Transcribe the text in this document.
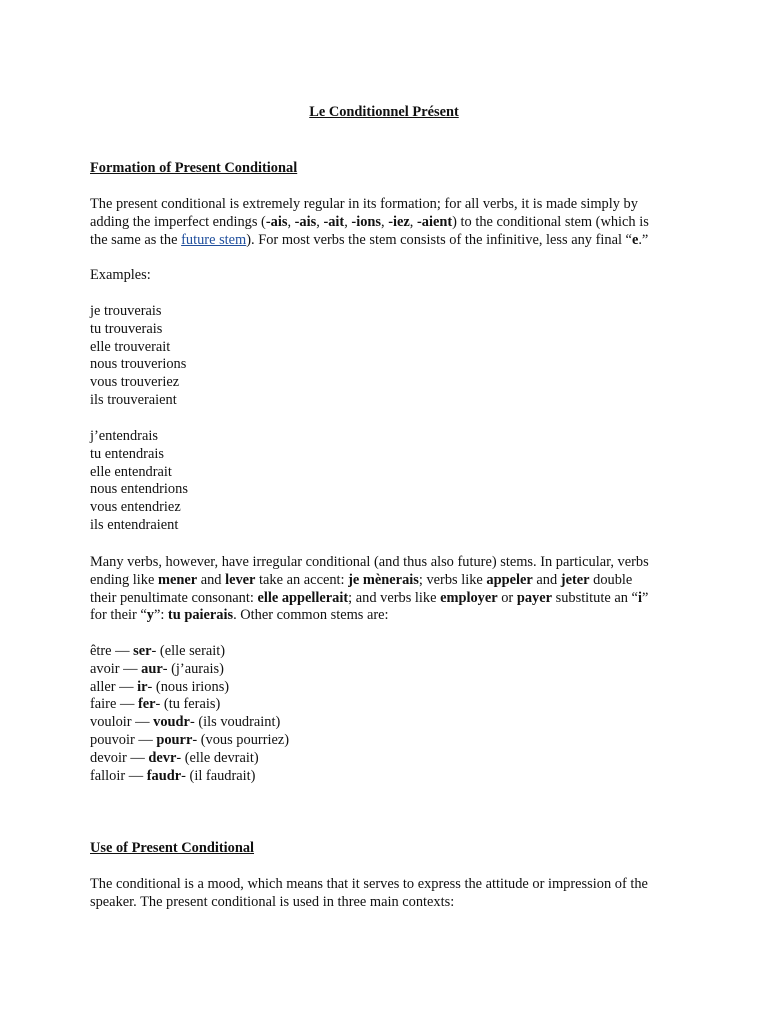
Le Conditionnel Présent
Formation of Present Conditional
The present conditional is extremely regular in its formation; for all verbs, it is made simply by
adding the imperfect endings (-ais, -ais, -ait, -ions, -iez, -aient) to the conditional stem (which is
the same as the future stem). For most verbs the stem consists of the infinitive, less any final “e.”
Examples:
je trouverais
tu trouverais
elle trouverait
nous trouverions
vous trouveriez
ils trouveraient
j’entendrais
tu entendrais
elle entendrait
nous entendrions
vous entendriez
ils entendraient
Many verbs, however, have irregular conditional (and thus also future) stems. In particular, verbs
ending like mener and lever take an accent: je mènerais; verbs like appeler and jeter double
their penultimate consonant: elle appellerait; and verbs like employer or payer substitute an “i”
for their “y”: tu paierais. Other common stems are:
être — ser- (elle serait)
avoir — aur- (j’aurais)
aller — ir- (nous irions)
faire — fer- (tu ferais)
vouloir — voudr- (ils voudraint)
pouvoir — pourr- (vous pourriez)
devoir — devr- (elle devrait)
falloir — faudr- (il faudrait)
Use of Present Conditional
The conditional is a mood, which means that it serves to express the attitude or impression of the
speaker. The present conditional is used in three main contexts:
